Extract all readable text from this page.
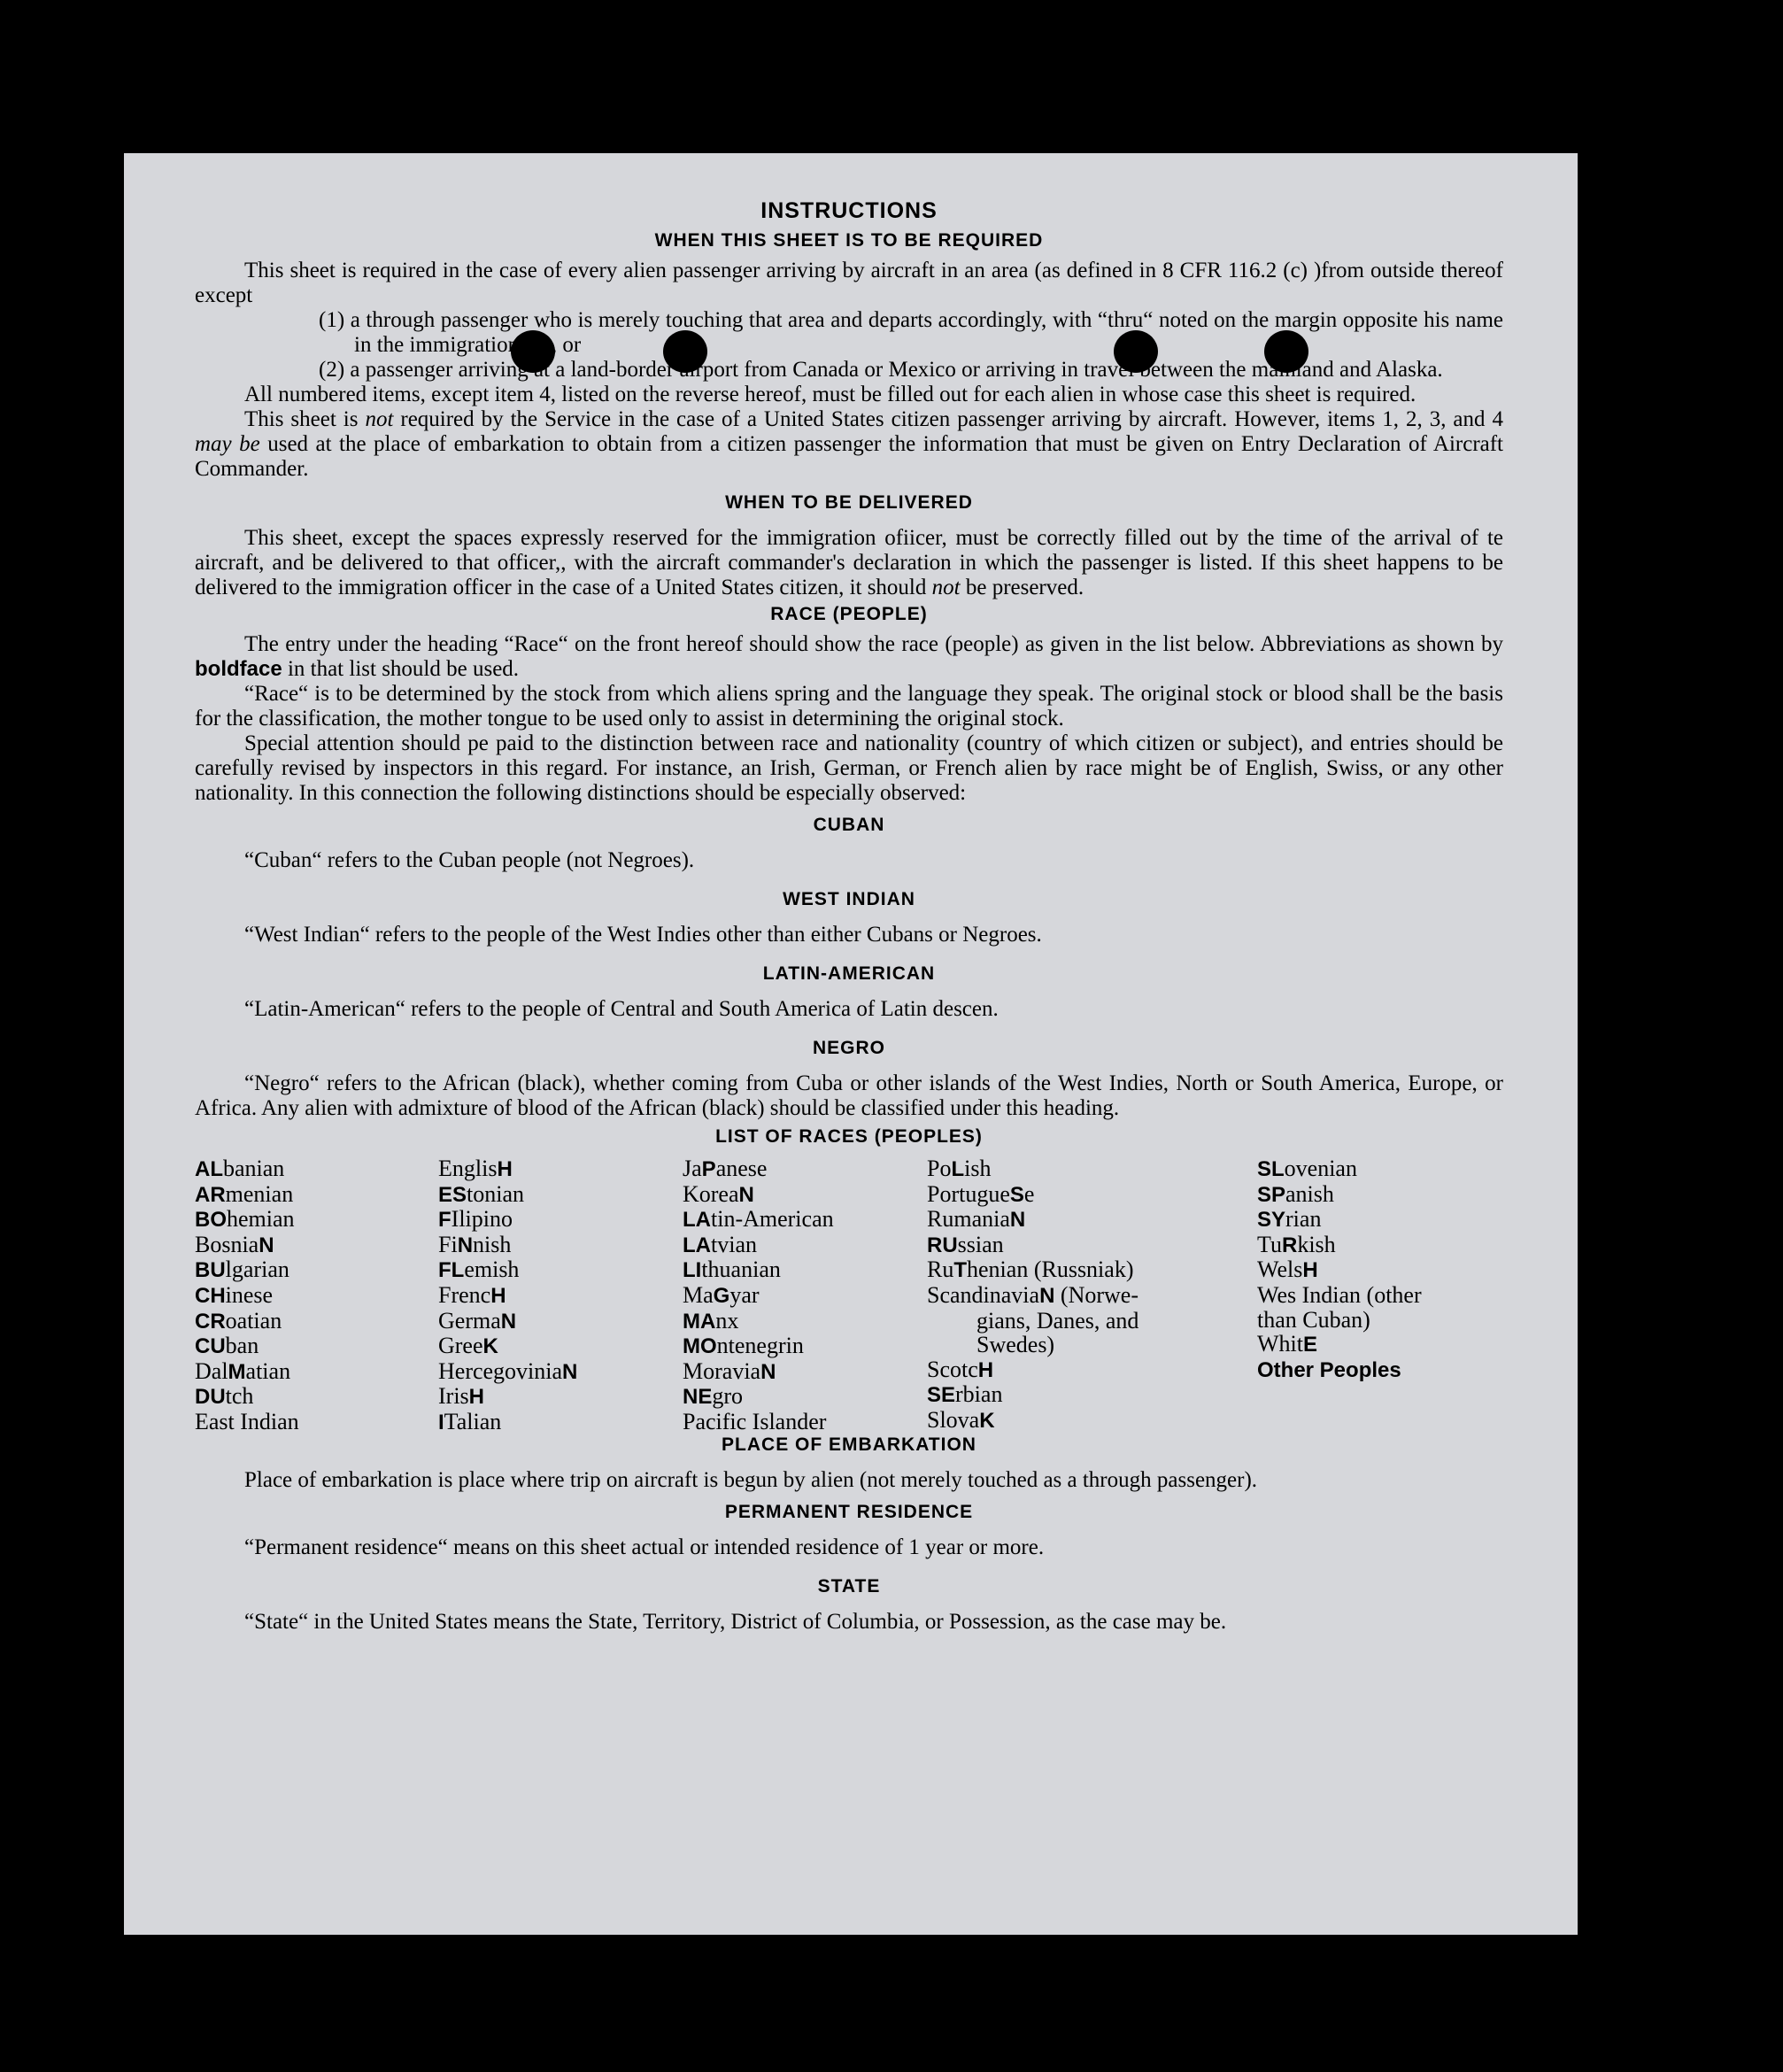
INSTRUCTIONS
WHEN THIS SHEET IS TO BE REQUIRED

This sheet is required in the case of every alien passenger arriving by aircraft in an area (as defined in 8 CFR 116.2 (c) )from outside thereof except

(1) a through passenger who is merely touching that area and departs accordingly, with “thru“ noted on the margin opposite his name in the immigration list, or

(2) a passenger arriving at a land-border airport from Canada or Mexico or arriving in travel between the mainland and Alaska.

All numbered items, except item 4, listed on the reverse hereof, must be filled out for each alien in whose case this sheet is required.

This sheet is not required by the Service in the case of a United States citizen passenger arriving by aircraft. However, items 1, 2, 3, and 4 may be used at the place of embarkation to obtain from a citizen passenger the information that must be given on Entry Declaration of Aircraft Commander.

WHEN TO BE DELIVERED

This sheet, except the spaces expressly reserved for the immigration ofiicer, must be correctly filled out by the time of the arrival of te aircraft, and be delivered to that officer,, with the aircraft commander's declaration in which the passenger is listed. If this sheet happens to be delivered to the immigration officer in the case of a United States citizen, it should not be preserved.

RACE (PEOPLE)

The entry under the heading “Race“ on the front hereof should show the race (people) as given in the list below. Abbreviations as shown by boldface in that list should be used.

“Race“ is to be determined by the stock from which aliens spring and the language they speak. The original stock or blood shall be the basis for the classification, the mother tongue to be used only to assist in determining the original stock.

Special attention should pe paid to the distinction between race and nationality (country of which citizen or subject), and entries should be carefully revised by inspectors in this regard. For instance, an Irish, German, or French alien by race might be of English, Swiss, or any other nationality. In this connection the following distinctions should be especially observed:

CUBAN

“Cuban“ refers to the Cuban people (not Negroes).

WEST INDIAN

“West Indian“ refers to the people of the West Indies other than either Cubans or Negroes.

LATIN-AMERICAN

“Latin-American“ refers to the people of Central and South America of Latin descen.

NEGRO

“Negro“ refers to the African (black), whether coming from Cuba or other islands of the West Indies, North or South America, Europe, or Africa. Any alien with admixture of blood of the African (black) should be classified under this heading.

LIST OF RACES (PEOPLES)
ALbanian
ARmenian
BOhemian
BosniaN
BUlgarian
CHinese
CRoatian
CUban
DalMatian
DUtch
East Indian
EnglisH
EStonian
FIlipino
FiNnish
FLemish
FrencH
GermaN
GreeK
HercegoviniaN
IrisH
ITalian
JaPanese
KoreaN
LAtin-American
LAtvian
LIthuanian
MaGyar
MAnx
MOntenegrin
MoraviaN
NEgro
Pacific Islander
PoLish
PortugueSe
RumaniaN
RUssian
RuThenian (Russniak)
ScandinaviaN (Norwe-
gians, Danes, and
Swedes)
ScotcH
SErbian
SlovaK
SLovenian
SPanish
SYrian
TuRkish
WelsH
Wes Indian (other
than Cuban)
WhitE
Other Peoples
PLACE OF EMBARKATION

Place of embarkation is place where trip on aircraft is begun by alien (not merely touched as a through passenger).

PERMANENT RESIDENCE

“Permanent residence“ means on this sheet actual or intended residence of 1 year or more.

STATE

“State“ in the United States means the State, Territory, District of Columbia, or Possession, as the case may be.
